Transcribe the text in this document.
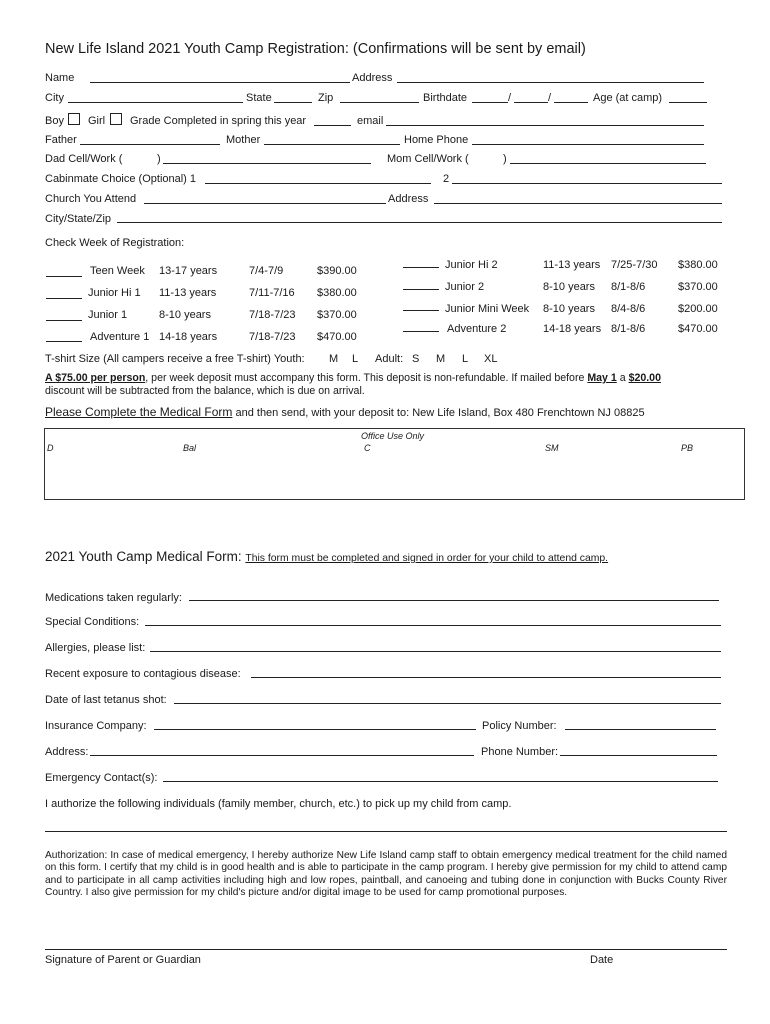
New Life Island 2021 Youth Camp Registration: (Confirmations will be sent by email)
Name	Address
City	State	Zip	Birthdate	/	/	Age (at camp)
Boy Girl Grade Completed in spring this year	email
Father	Mother	Home Phone
Dad Cell/Work (	)	Mom Cell/Work (	)
Cabinmate Choice (Optional) 1	2
Church You Attend	Address
City/State/Zip
Check Week of Registration:
Teen Week 13-17 years	7/4-7/9	$390.00
Junior Hi 1 11-13 years	7/11-7/16 $380.00
Junior 1	8-10 years	7/18-7/23 $370.00
Adventure 1 14-18 years	7/18-7/23 $470.00
Junior Hi 2	11-13 years 7/25-7/30 $380.00
Junior 2	8-10 years 8/1-8/6	$370.00
Junior Mini Week 8-10 years 8/4-8/6	$200.00
Adventure 2	14-18 years 8/1-8/6	$470.00
T-shirt Size (All campers receive a free T-shirt) Youth: M L Adult: S M L XL
A $75.00 per person, per week deposit must accompany this form. This deposit is non-refundable. If mailed before May 1 a $20.00
discount will be subtracted from the balance, which is due on arrival.
Please Complete the Medical Form and then send, with your deposit to: New Life Island, Box 480 Frenchtown NJ 08825
Office Use Only
D	Bal	C	SM	PB
2021 Youth Camp Medical Form: This form must be completed and signed in order for your child to attend camp.
Medications taken regularly:
Special Conditions:
Allergies, please list:
Recent exposure to contagious disease:
Date of last tetanus shot:
Insurance Company:	Policy Number:
Address:	Phone Number:
Emergency Contact(s):
I authorize the following individuals (family member, church, etc.) to pick up my child from camp.
Authorization: In case of medical emergency, I hereby authorize New Life Island camp staff to obtain emergency medical treatment for the child named on this form. I certify that my child is in good health and is able to participate in the camp program. I hereby give permission for my child to attend camp and to participate in all camp activities including high and low ropes, paintball, and canoeing and tubing done in conjunction with Bucks County River Country. I also give permission for my child's picture and/or digital image to be used for camp promotional purposes.
Signature of Parent or Guardian	Date
